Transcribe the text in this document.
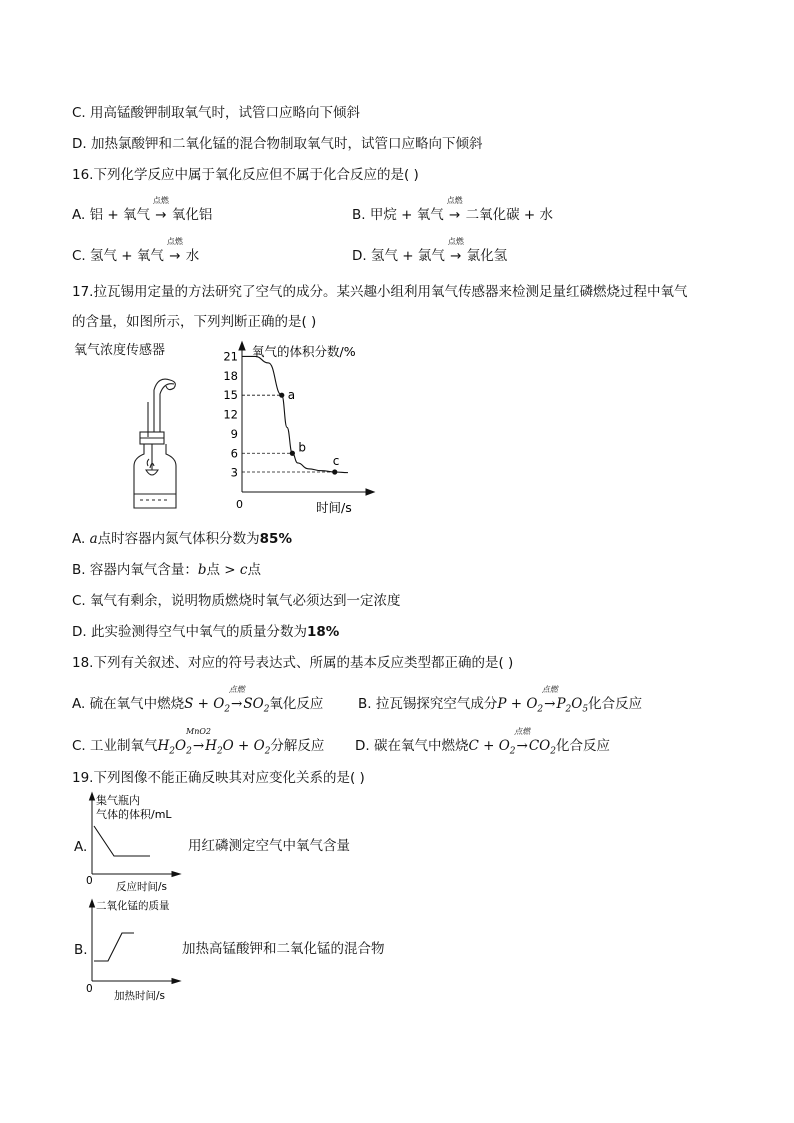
C. 用高锰酸钾制取氧气时，试管口应略向下倾斜
D. 加热氯酸钾和二氧化锰的混合物制取氧气时，试管口应略向下倾斜
16.下列化学反应中属于氧化反应但不属于化合反应的是( )
A. 铝 + 氧气
点燃
→ 氧化铝	B. 甲烷 + 氧气
点燃
→ 二氧化碳 + 水
C. 氢气 + 氧气
点燃
→ 水	D. 氢气 + 氯气
点燃
→ 氯化氢
17.拉瓦锡用定量的方法研究了空气的成分。某兴趣小组利用氧气传感器来检测足量红磷燃烧过程中氧气
的含量，如图所示，下列判断正确的是( )
氧气浓度传感器	氧气的体积分数/%
时间/s
0
21
18
15
12
9
6
3
a
b
c
A. a点时容器内氮气体积分数为85%
B. 容器内氧气含量：b点 > c点
C. 氧气有剩余，说明物质燃烧时氧气必须达到一定浓度
D. 此实验测得空气中氧气的质量分数为18%
18.下列有关叙述、对应的符号表达式、所属的基本反应类型都正确的是( )
A. 硫在氧气中燃烧$S + O_2$
点燃
$\to SO_2$氧化反应	B. 拉瓦锡探究空气成分$P + O_2$
点燃
$\to P_2O_5$化合反应
C. 工业制氧气$H_2O_2$
MnO2
$\to H_2O + O_2$分解反应 D. 碳在氧气中燃烧$C + O_2$
点燃
$\to CO_2$化合反应
19.下列图像不能正确反映其对应变化关系的是( )
A.
集气瓶内
气体的体积/mL
0 反应时间/s
用红磷测定空气中氧气含量
B.
二氧化锰的质量
0
加热时间/s
加热高锰酸钾和二氧化锰的混合物
